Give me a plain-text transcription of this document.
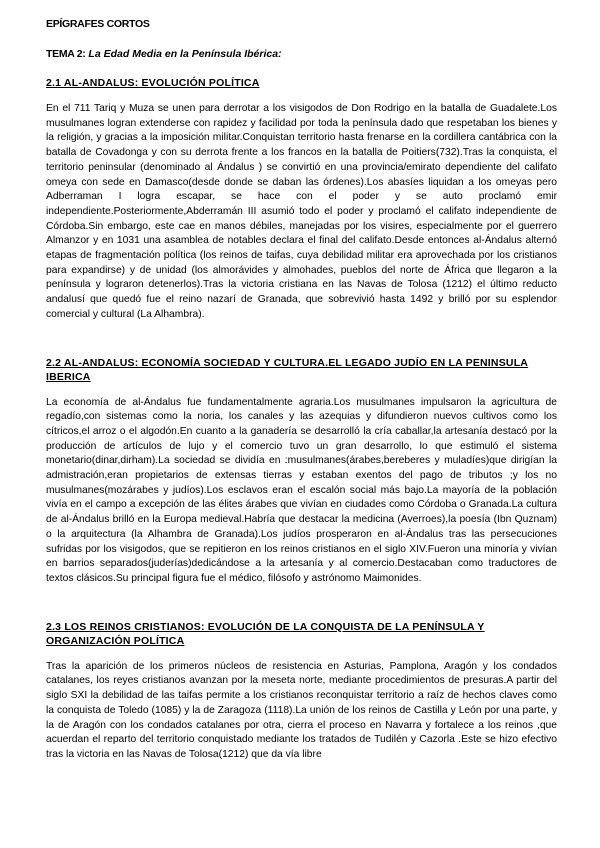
EPÍGRAFES CORTOS
TEMA 2: La Edad Media en la Península Ibérica:
2.1 AL-ANDALUS: EVOLUCIÓN POLÍTICA

En el 711 Tariq y Muza se unen para derrotar a los visigodos de Don Rodrigo en la batalla de Guadalete.Los musulmanes logran extenderse con rapidez y facilidad por toda la península dado que respetaban los bienes y la religión, y gracias a la imposición militar.Conquistan territorio hasta frenarse en la cordillera cantábrica con la batalla de Covadonga y con su derrota frente a los francos en la batalla de Poitiers(732).Tras la conquista, el territorio peninsular (denominado al Ándalus ) se convirtió en una provincia/emirato dependiente del califato omeya con sede en Damasco(desde donde se daban las órdenes).Los abasíes liquidan a los omeyas pero Adberraman I logra escapar, se hace con el poder y se auto proclamó emir independiente.Posteriormente,Abderramán III asumió todo el poder y proclamó el califato independiente de Córdoba.Sin embargo, este cae en manos débiles, manejadas por los visires, especialmente por el guerrero Almanzor y en 1031 una asamblea de notables declara el final del califato.Desde entonces al-Ándalus alternó etapas de fragmentación política (los reinos de taifas, cuya debilidad militar era aprovechada por los cristianos para expandirse) y de unidad (los almorávides y almohades, pueblos del norte de África que llegaron a la península y lograron detenerlos).Tras la victoria cristiana en las Navas de Tolosa (1212) el último reducto andalusí que quedó fue el reino nazarí de Granada, que sobrevivió hasta 1492 y brilló por su esplendor comercial y cultural (La Alhambra).

2.2 AL-ANDALUS: ECONOMÍA SOCIEDAD Y CULTURA.EL LEGADO JUDÍO EN LA PENINSULA IBERICA

La economía de al-Ándalus fue fundamentalmente agraria.Los musulmanes impulsaron la agricultura de regadío,con sistemas como la noria, los canales y las azequias y difundieron nuevos cultivos como los cítricos,el arroz o el algodón.En cuanto a la ganadería se desarrolló la cría caballar,la artesanía destacó por la producción de artículos de lujo y el comercio tuvo un gran desarrollo, lo que estimuló el sistema monetario(dinar,dirham).La sociedad se dividía en :musulmanes(árabes,bereberes y muladíes)que dirigían la admistración,eran propietarios de extensas tierras y estaban exentos del pago de tributos ;y los no musulmanes(mozárabes y judíos).Los esclavos eran el escalón social más bajo.La mayoría de la población vivía en el campo a excepción de las élites árabes que vivían en ciudades como Córdoba o Granada.La cultura de al-Ándalus brilló en la Europa medieval.Habría que destacar la medicina (Averroes),la poesía (Ibn Quznam) o la arquitectura (la Alhambra de Granada).Los judíos prosperaron en al-Ándalus tras las persecuciones sufridas por los visigodos, que se repitieron en los reinos cristianos en el siglo XIV.Fueron una minoría y vivían en barrios separados(juderías)dedicándose a la artesanía y al comercio.Destacaban como traductores de textos clásicos.Su principal figura fue el médico, filósofo y astrónomo Maimonides.

2.3 LOS REINOS CRISTIANOS: EVOLUCIÓN DE LA CONQUISTA DE LA PENÍNSULA Y ORGANIZACIÓN POLÍTICA

Tras la aparición de los primeros núcleos de resistencia en Asturias, Pamplona, Aragón y los condados catalanes, los reyes cristianos avanzan por la meseta norte, mediante procedimientos de presuras.A partir del siglo SXI la debilidad de las taifas permite a los cristianos reconquistar territorio a raíz de hechos claves como la conquista de Toledo (1085) y la de Zaragoza (1118).La unión de los reinos de Castilla y León por una parte, y la de Aragón con los condados catalanes por otra, cierra el proceso en Navarra y fortalece a los reinos ,que acuerdan el reparto del territorio conquistado mediante los tratados de Tudilén y Cazorla .Este se hizo efectivo tras la victoria en las Navas de Tolosa(1212) que da vía libre
